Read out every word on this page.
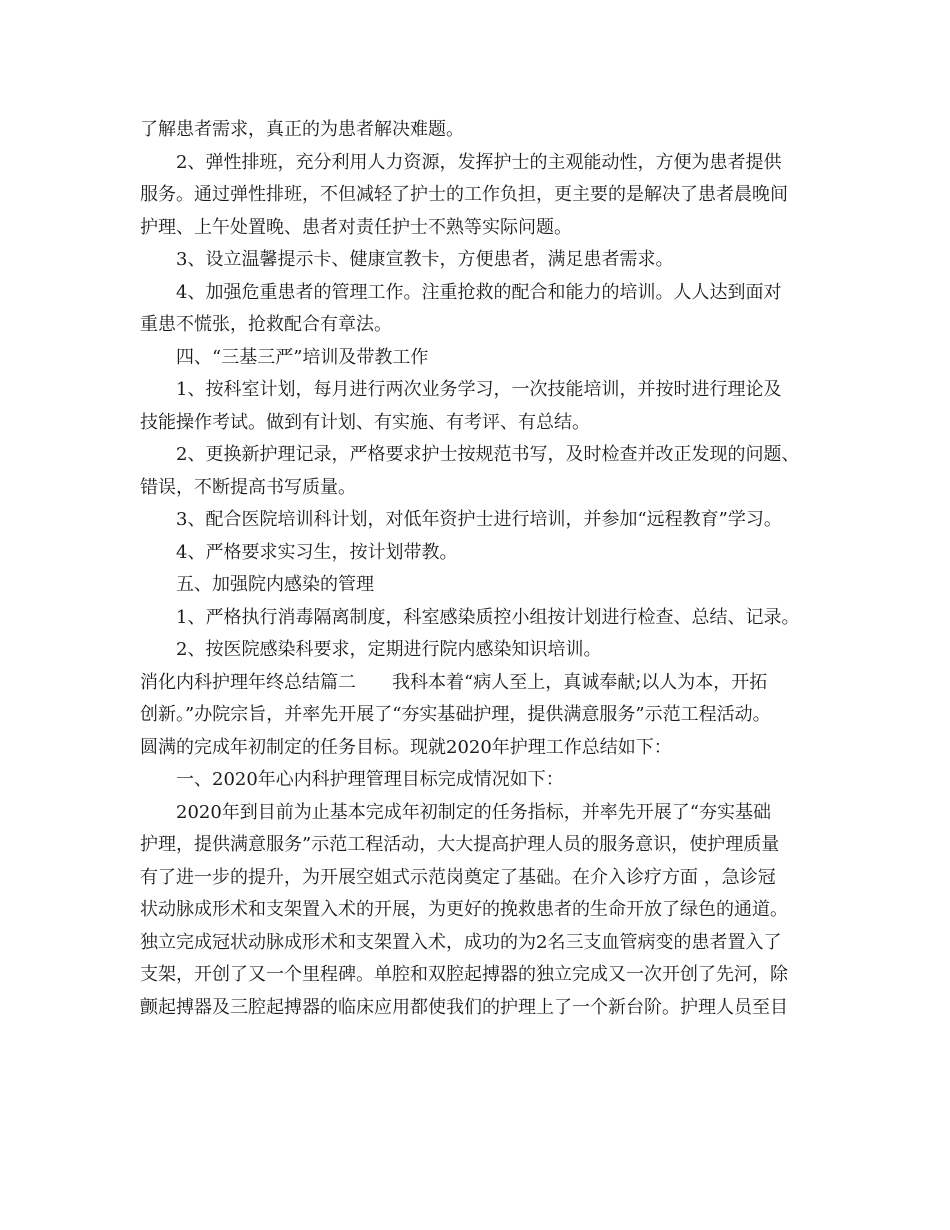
了解患者需求，真正的为患者解决难题。
2、弹性排班，充分利用人力资源，发挥护士的主观能动性，方便为患者提供
服务。通过弹性排班，不但减轻了护士的工作负担，更主要的是解决了患者晨晚间
护理、上午处置晚、患者对责任护士不熟等实际问题。
3、设立温馨提示卡、健康宣教卡，方便患者，满足患者需求。
4、加强危重患者的管理工作。注重抢救的配合和能力的培训。人人达到面对
重患不慌张，抢救配合有章法。
四、“三基三严”培训及带教工作
1、按科室计划，每月进行两次业务学习，一次技能培训，并按时进行理论及
技能操作考试。做到有计划、有实施、有考评、有总结。
2、更换新护理记录，严格要求护士按规范书写，及时检查并改正发现的问题、
错误，不断提高书写质量。
3、配合医院培训科计划，对低年资护士进行培训，并参加“远程教育”学习。
4、严格要求实习生，按计划带教。
五、加强院内感染的管理
1、严格执行消毒隔离制度，科室感染质控小组按计划进行检查、总结、记录。
2、按医院感染科要求，定期进行院内感染知识培训。
消化内科护理年终总结篇二 我科本着“病人至上，真诚奉献;以人为本，开拓
创新。”办院宗旨，并率先开展了“夯实基础护理，提供满意服务”示范工程活动。
圆满的完成年初制定的任务目标。现就2020年护理工作总结如下：
一、2020年心内科护理管理目标完成情况如下：
2020年到目前为止基本完成年初制定的任务指标，并率先开展了“夯实基础
护理，提供满意服务”示范工程活动，大大提高护理人员的服务意识，使护理质量
有了进一步的提升，为开展空姐式示范岗奠定了基础。在介入诊疗方面 ，急诊冠
状动脉成形术和支架置入术的开展，为更好的挽救患者的生命开放了绿色的通道。
独立完成冠状动脉成形术和支架置入术，成功的为2名三支血管病变的患者置入了
支架，开创了又一个里程碑。单腔和双腔起搏器的独立完成又一次开创了先河，除
颤起搏器及三腔起搏器的临床应用都使我们的护理上了一个新台阶。护理人员至目
